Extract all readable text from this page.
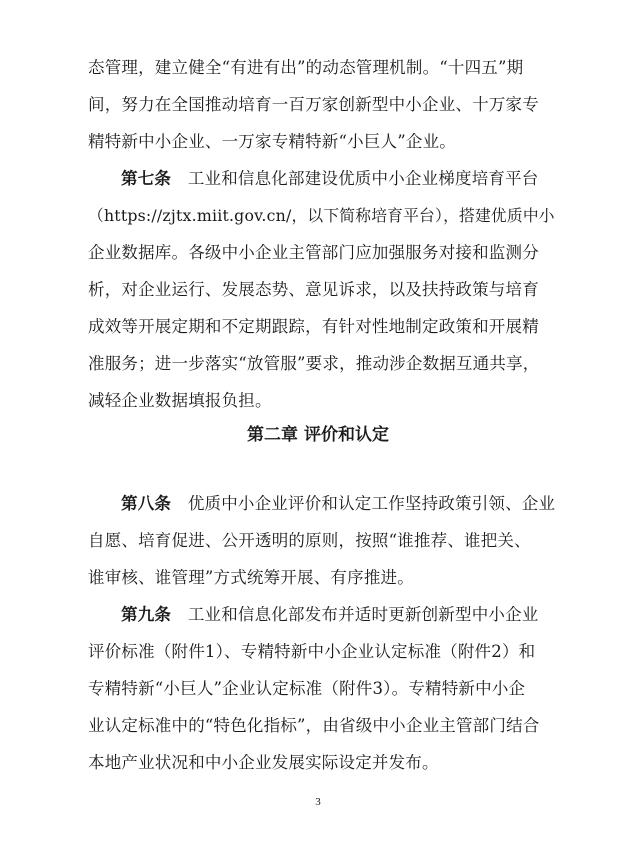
态管理，建立健全“有进有出”的动态管理机制。“十四五”期
间，努力在全国推动培育一百万家创新型中小企业、十万家专
精特新中小企业、一万家专精特新“小巨人”企业。
第七条  工业和信息化部建设优质中小企业梯度培育平台
（https://zjtx.miit.gov.cn/，以下简称培育平台），搭建优质中小
企业数据库。各级中小企业主管部门应加强服务对接和监测分
析，对企业运行、发展态势、意见诉求，以及扶持政策与培育
成效等开展定期和不定期跟踪，有针对性地制定政策和开展精
准服务；进一步落实“放管服”要求，推动涉企数据互通共享，
减轻企业数据填报负担。
第二章 评价和认定
第八条  优质中小企业评价和认定工作坚持政策引领、企业
自愿、培育促进、公开透明的原则，按照“谁推荐、谁把关、
谁审核、谁管理”方式统筹开展、有序推进。
第九条  工业和信息化部发布并适时更新创新型中小企业
评价标准（附件1）、专精特新中小企业认定标准（附件2）和
专精特新“小巨人”企业认定标准（附件3）。专精特新中小企
业认定标准中的“特色化指标”，由省级中小企业主管部门结合
本地产业状况和中小企业发展实际设定并发布。
3
